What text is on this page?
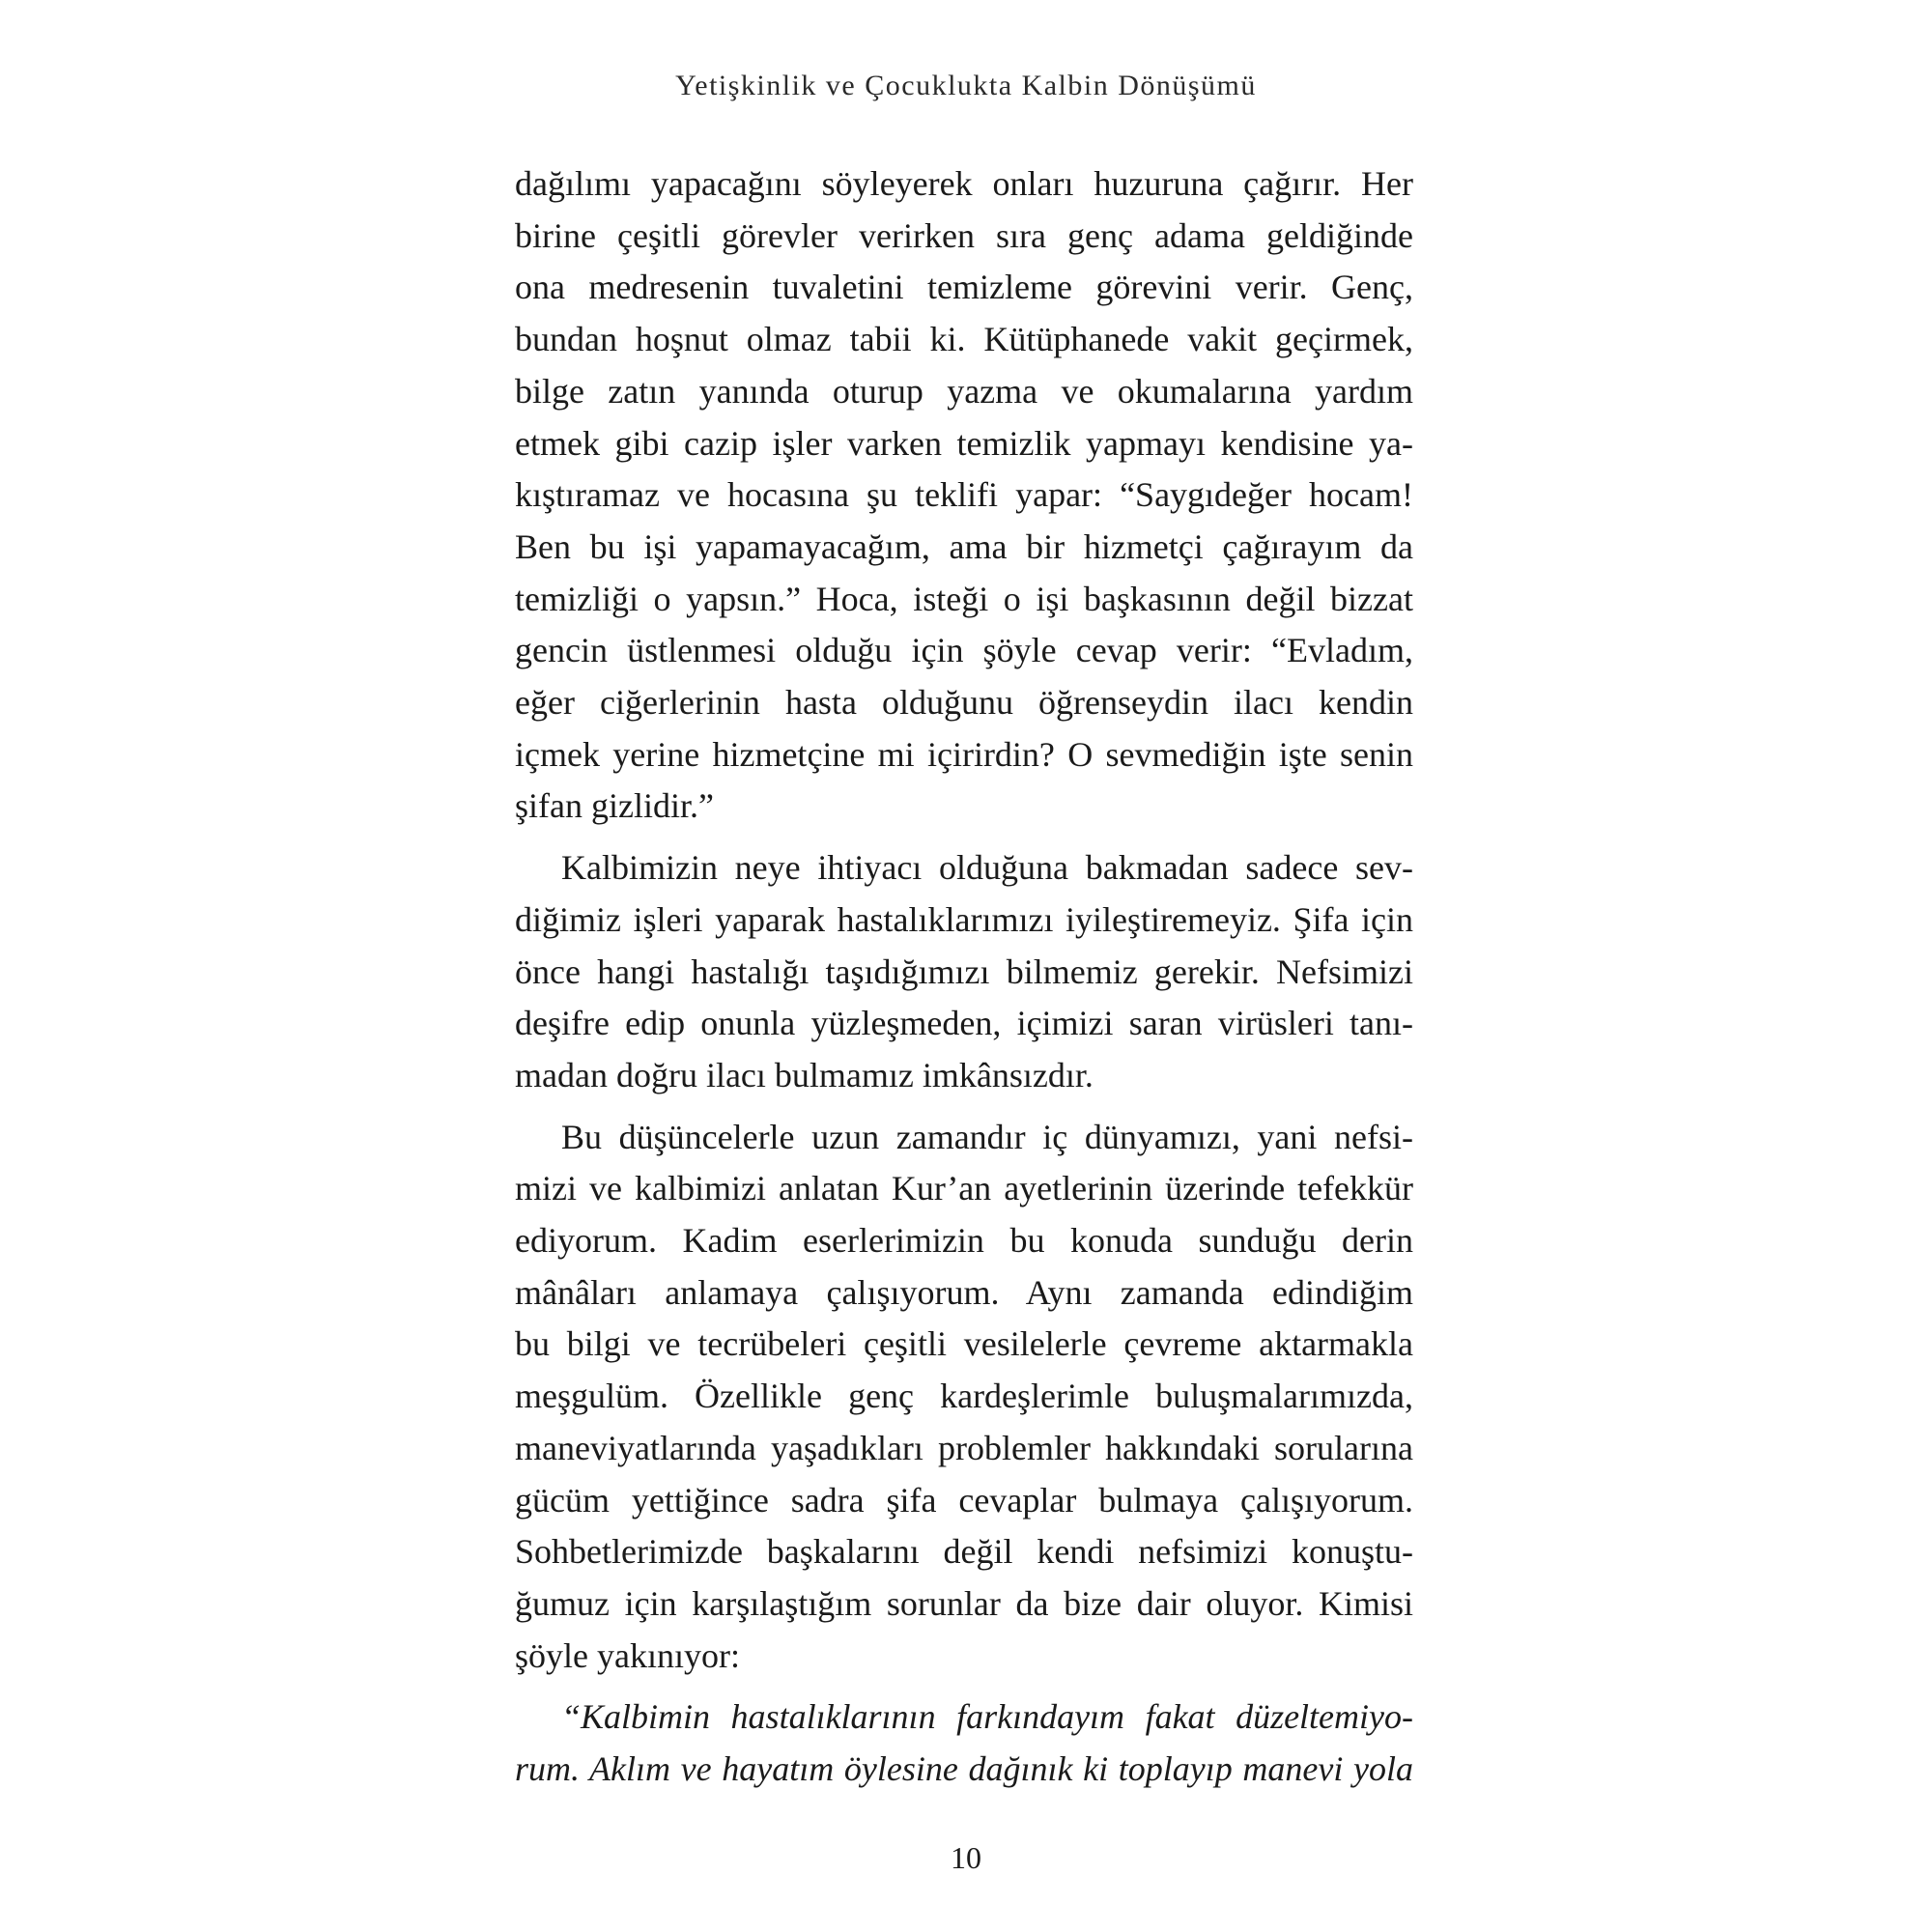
Yetişkinlik ve Çocuklukta Kalbin Dönüşümü
dağılımı yapacağını söyleyerek onları huzuruna çağırır. Her
birine çeşitli görevler verirken sıra genç adama geldiğinde
ona medresenin tuvaletini temizleme görevini verir. Genç,
bundan hoşnut olmaz tabii ki. Kütüphanede vakit geçirmek,
bilge zatın yanında oturup yazma ve okumalarına yardım
etmek gibi cazip işler varken temizlik yapmayı kendisine ya-
kıştıramaz ve hocasına şu teklifi yapar: “Saygıdeğer hocam!
Ben bu işi yapamayacağım, ama bir hizmetçi çağırayım da
temizliği o yapsın.” Hoca, isteği o işi başkasının değil bizzat
gencin üstlenmesi olduğu için şöyle cevap verir: “Evladım,
eğer ciğerlerinin hasta olduğunu öğrenseydin ilacı kendin
içmek yerine hizmetçine mi içirirdin? O sevmediğin işte senin
şifan gizlidir.”
Kalbimizin neye ihtiyacı olduğuna bakmadan sadece sev-
diğimiz işleri yaparak hastalıklarımızı iyileştiremeyiz. Şifa için
önce hangi hastalığı taşıdığımızı bilmemiz gerekir. Nefsimizi
deşifre edip onunla yüzleşmeden, içimizi saran virüsleri tanı-
madan doğru ilacı bulmamız imkânsızdır.
Bu düşüncelerle uzun zamandır iç dünyamızı, yani nefsi-
mizi ve kalbimizi anlatan Kur’an ayetlerinin üzerinde tefekkür
ediyorum. Kadim eserlerimizin bu konuda sunduğu derin
mânâları anlamaya çalışıyorum. Aynı zamanda edindiğim
bu bilgi ve tecrübeleri çeşitli vesilelerle çevreme aktarmakla
meşgulüm. Özellikle genç kardeşlerimle buluşmalarımızda,
maneviyatlarında yaşadıkları problemler hakkındaki sorularına
gücüm yettiğince sadra şifa cevaplar bulmaya çalışıyorum.
Sohbetlerimizde başkalarını değil kendi nefsimizi konuştu-
ğumuz için karşılaştığım sorunlar da bize dair oluyor. Kimisi
şöyle yakınıyor:
“Kalbimin hastalıklarının farkındayım fakat düzeltemiyo-
rum. Aklım ve hayatım öylesine dağınık ki toplayıp manevi yola
10
